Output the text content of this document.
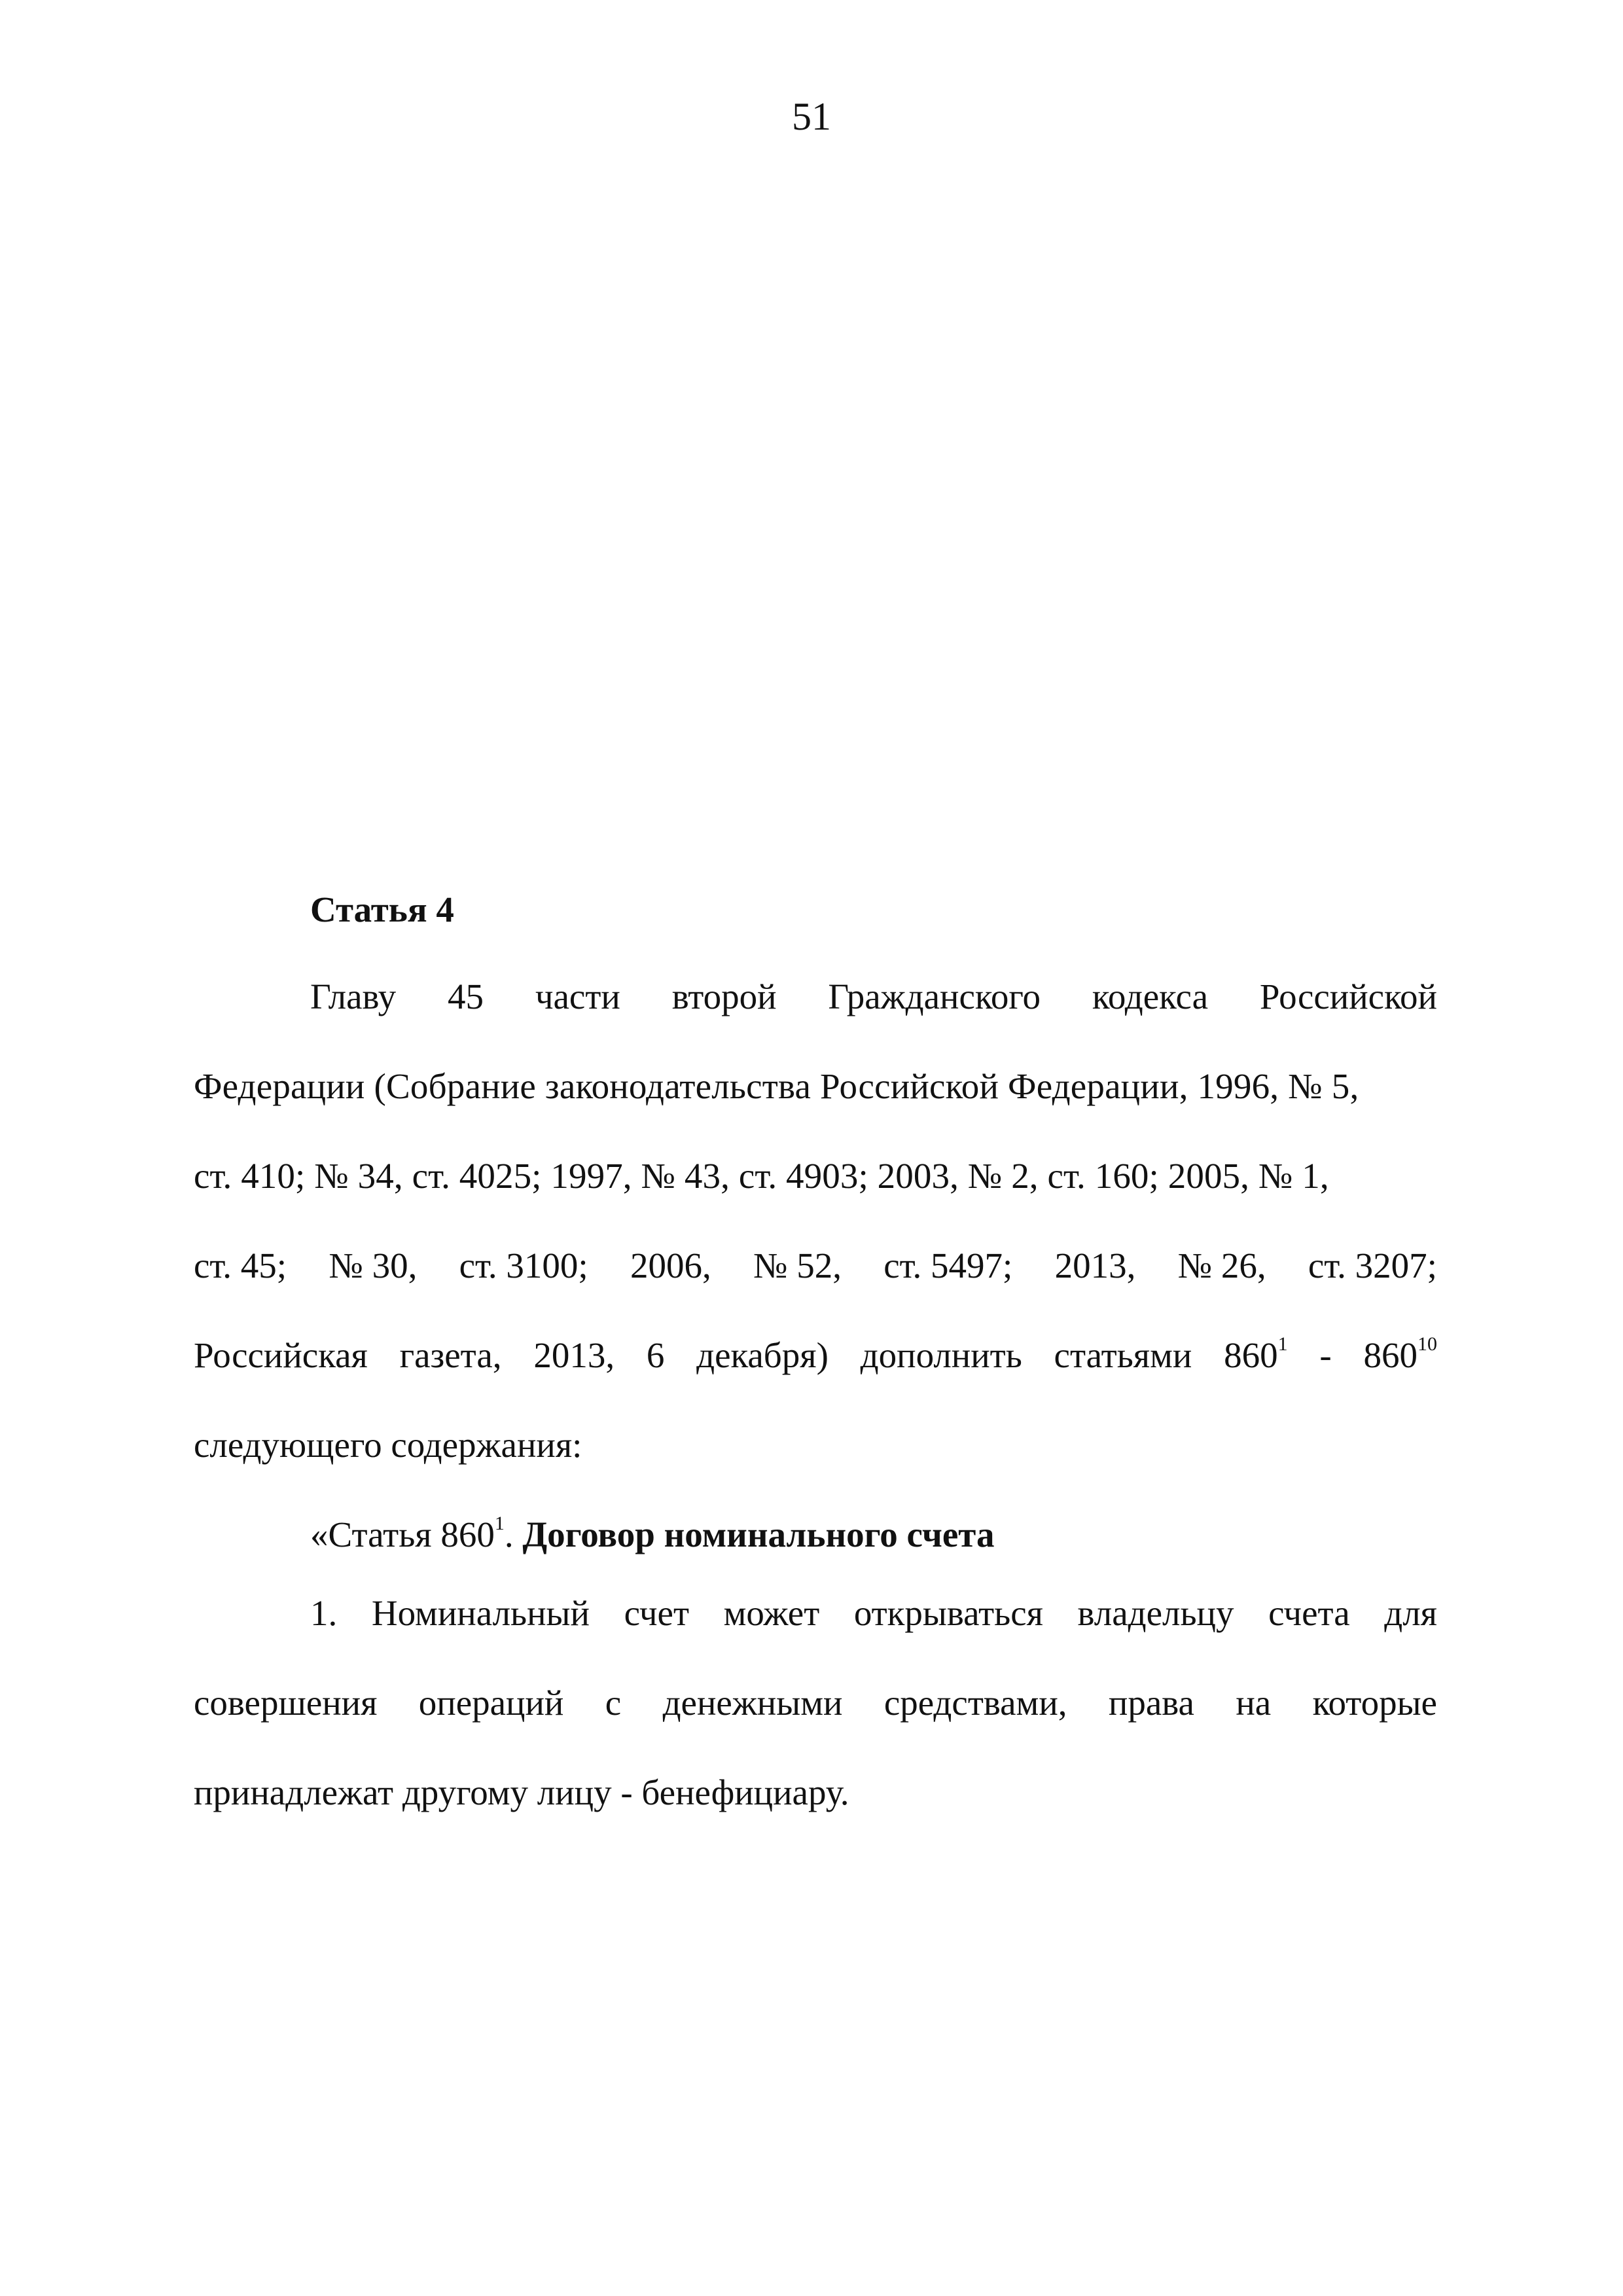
51
Статья 4
Главу 45 части второй Гражданского кодекса Российской
Федерации (Собрание законодательства Российской Федерации, 1996, № 5,
ст. 410; № 34, ст. 4025; 1997, № 43, ст. 4903; 2003, № 2, ст. 160; 2005, № 1,
ст. 45; № 30, ст. 3100; 2006, № 52, ст. 5497; 2013, № 26, ст. 3207;
Российская газета, 2013, 6 декабря) дополнить статьями $860^1 - 860^{10}$
следующего содержания:
«Статья $860^1$. Договор номинального счета
1. Номинальный счет может открываться владельцу счета для
совершения операций с денежными средствами, права на которые
принадлежат другому лицу - бенефициару.
